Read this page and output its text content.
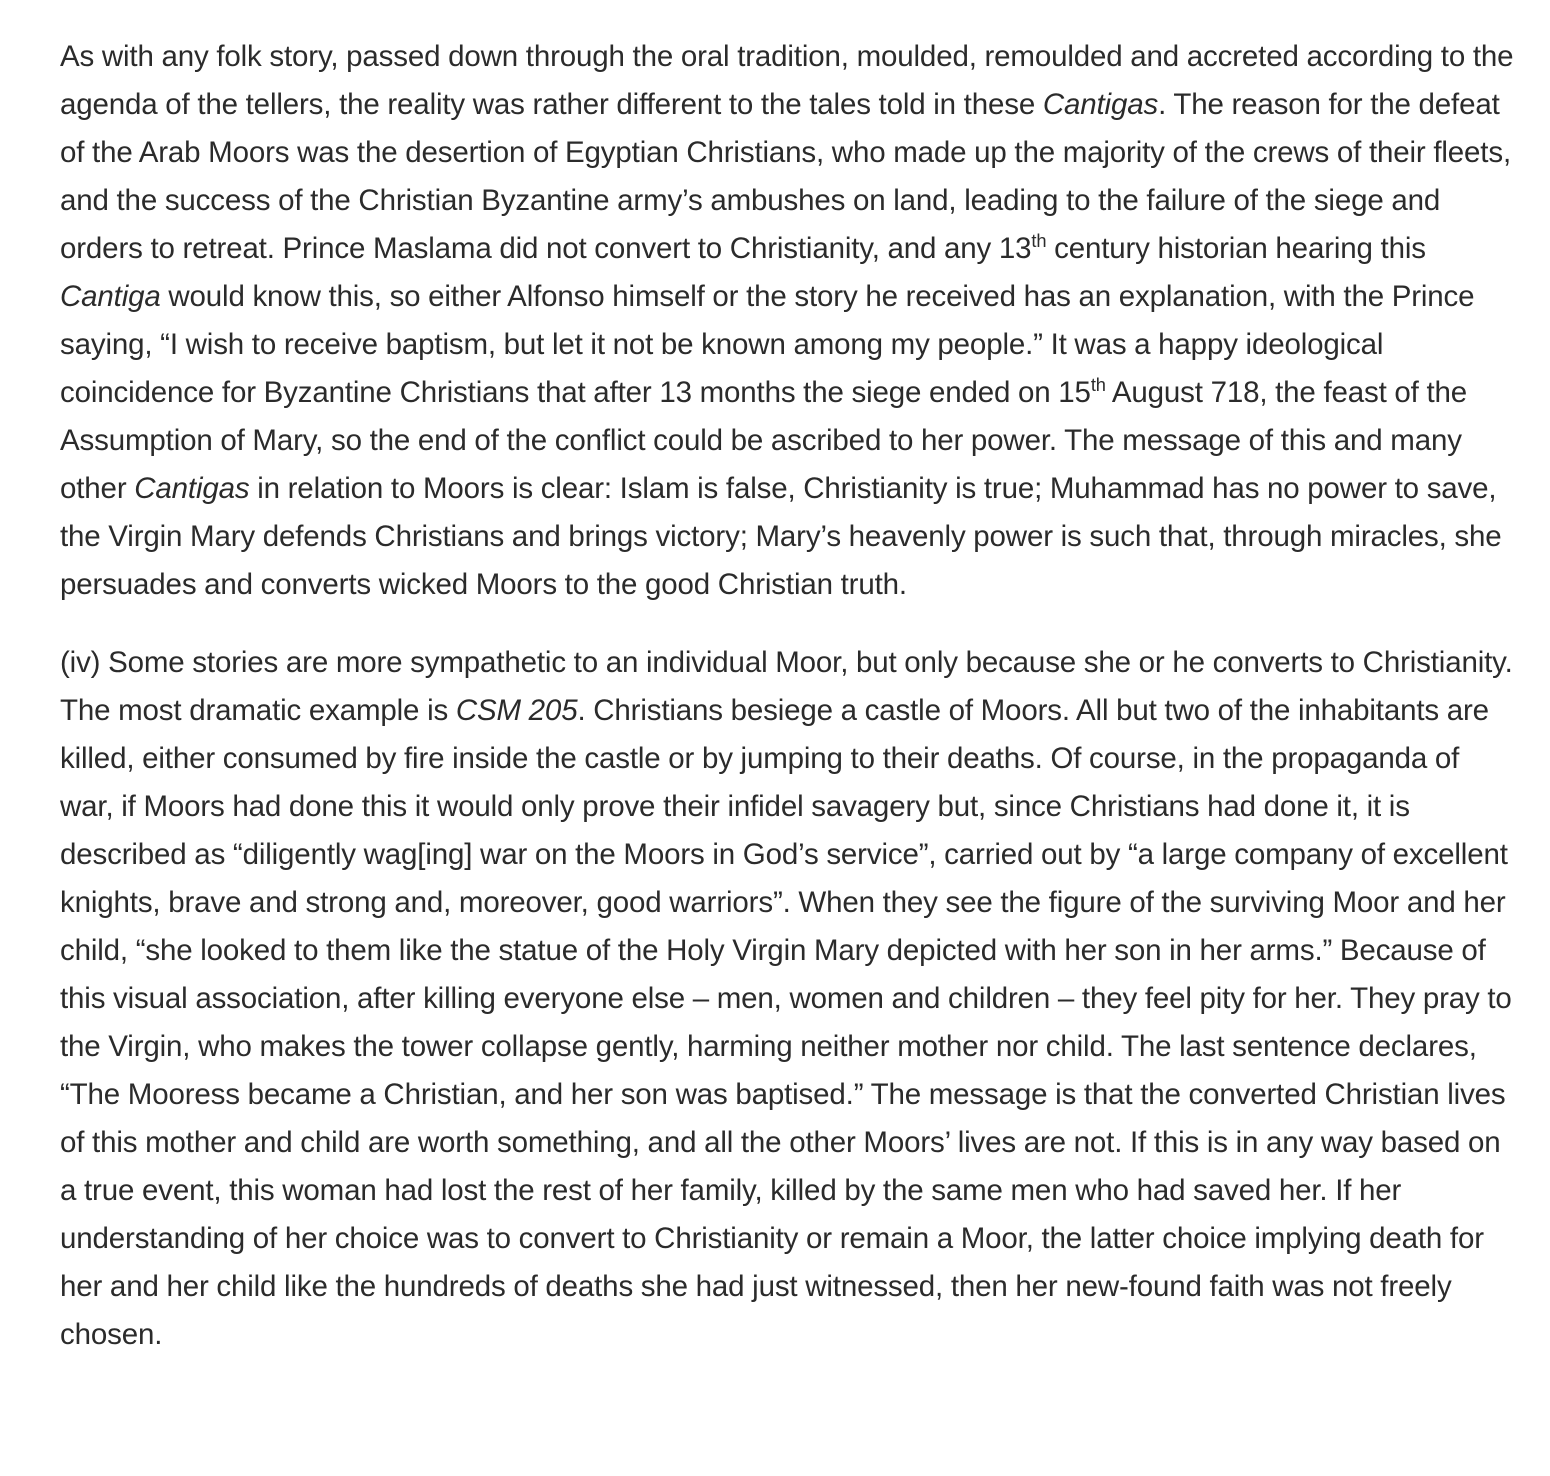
As with any folk story, passed down through the oral tradition, moulded, remoulded and accreted according to the agenda of the tellers, the reality was rather different to the tales told in these Cantigas. The reason for the defeat of the Arab Moors was the desertion of Egyptian Christians, who made up the majority of the crews of their fleets, and the success of the Christian Byzantine army’s ambushes on land, leading to the failure of the siege and orders to retreat. Prince Maslama did not convert to Christianity, and any 13th century historian hearing this Cantiga would know this, so either Alfonso himself or the story he received has an explanation, with the Prince saying, “I wish to receive baptism, but let it not be known among my people.” It was a happy ideological coincidence for Byzantine Christians that after 13 months the siege ended on 15th August 718, the feast of the Assumption of Mary, so the end of the conflict could be ascribed to her power. The message of this and many other Cantigas in relation to Moors is clear: Islam is false, Christianity is true; Muhammad has no power to save, the Virgin Mary defends Christians and brings victory; Mary’s heavenly power is such that, through miracles, she persuades and converts wicked Moors to the good Christian truth.

(iv) Some stories are more sympathetic to an individual Moor, but only because she or he converts to Christianity. The most dramatic example is CSM 205. Christians besiege a castle of Moors. All but two of the inhabitants are killed, either consumed by fire inside the castle or by jumping to their deaths. Of course, in the propaganda of war, if Moors had done this it would only prove their infidel savagery but, since Christians had done it, it is described as “diligently wag[ing] war on the Moors in God’s service”, carried out by “a large company of excellent knights, brave and strong and, moreover, good warriors”. When they see the figure of the surviving Moor and her child, “she looked to them like the statue of the Holy Virgin Mary depicted with her son in her arms.” Because of this visual association, after killing everyone else – men, women and children – they feel pity for her. They pray to the Virgin, who makes the tower collapse gently, harming neither mother nor child. The last sentence declares, “The Mooress became a Christian, and her son was baptised.” The message is that the converted Christian lives of this mother and child are worth something, and all the other Moors’ lives are not. If this is in any way based on a true event, this woman had lost the rest of her family, killed by the same men who had saved her. If her understanding of her choice was to convert to Christianity or remain a Moor, the latter choice implying death for her and her child like the hundreds of deaths she had just witnessed, then her new-found faith was not freely chosen.
